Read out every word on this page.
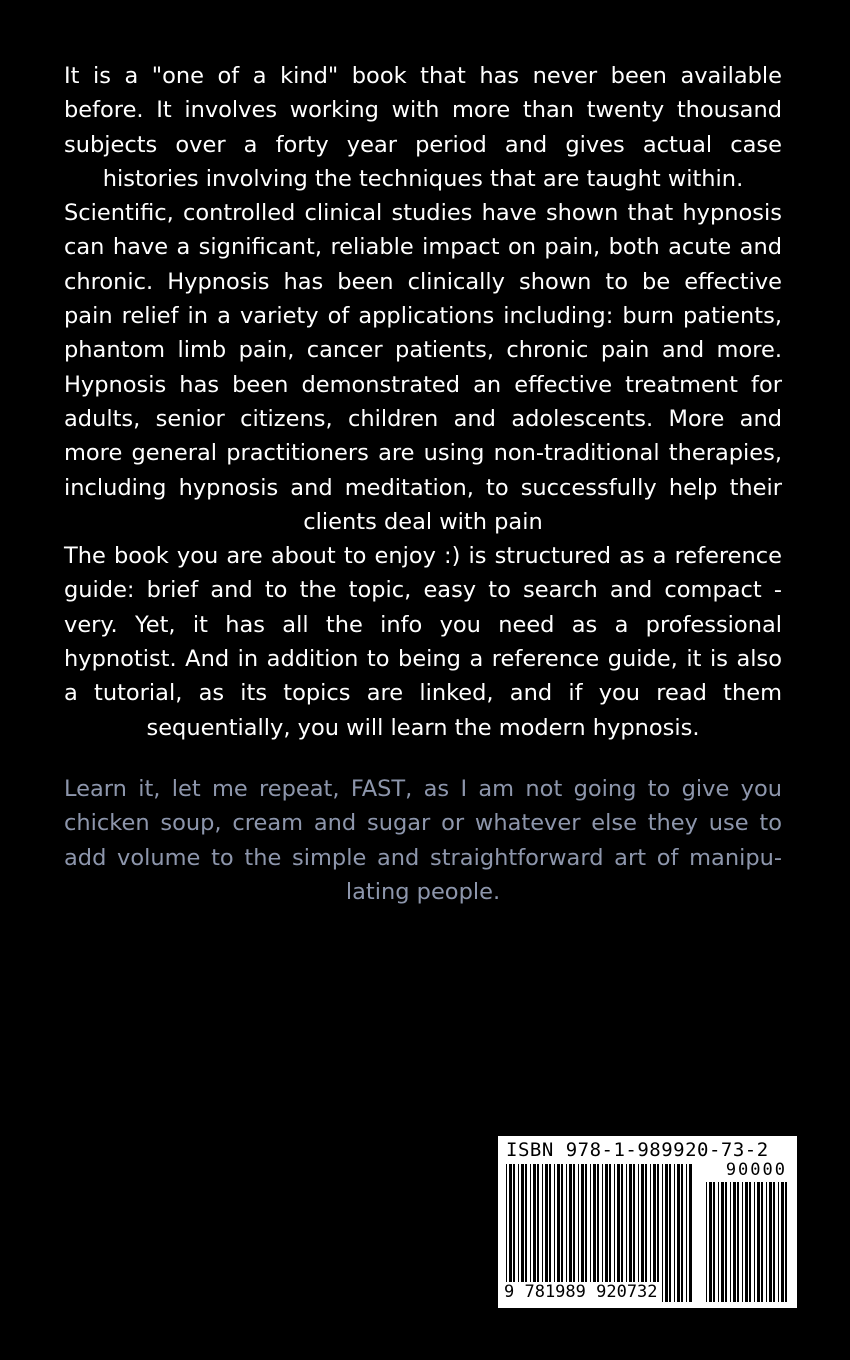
It is a "one of a kind" book that has never been available before. It involves working with more than twenty thousand subjects over a forty year period and gives actual case histories involving the techniques that are taught within.

Scientific, controlled clinical studies have shown that hypnosis can have a significant, reliable impact on pain, both acute and chronic. Hypnosis has been clinically shown to be effective pain relief in a variety of applications including: burn patients, phantom limb pain, cancer patients, chronic pain and more. Hypnosis has been demonstrated an effective treatment for adults, senior citizens, children and adolescents. More and more general practitioners are using non-traditional therapies, including hypnosis and meditation, to successfully help their clients deal with pain

The book you are about to enjoy :) is structured as a reference guide: brief and to the topic, easy to search and compact - very. Yet, it has all the info you need as a professional hypnotist. And in addition to being a reference guide, it is also a tutorial, as its topics are linked, and if you read them sequentially, you will learn the modern hypnosis.

Learn it, let me repeat, FAST, as I am not going to give you chicken soup, cream and sugar or whatever else they use to add volume to the simple and straightforward art of manipu-lating people.

ISBN 978-1-989920-73-2
90000
9 781989 920732
